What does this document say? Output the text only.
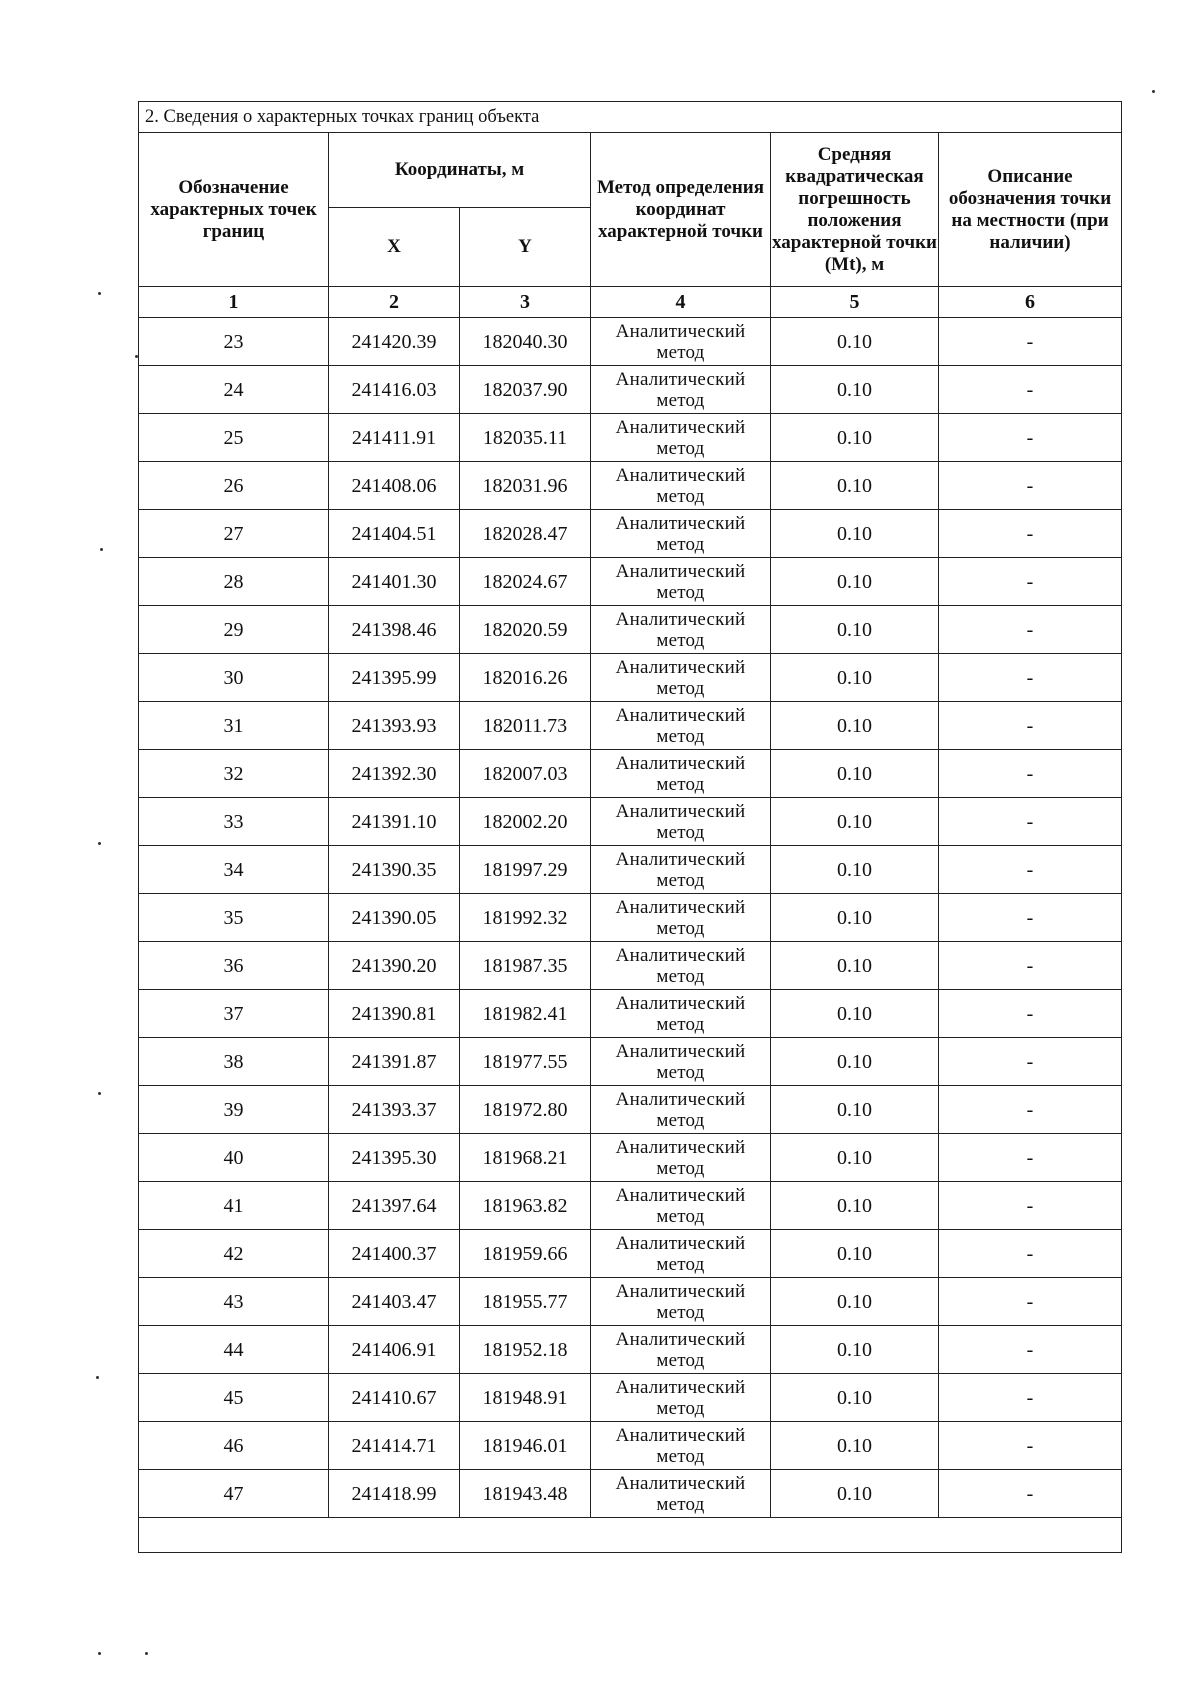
2. Сведения о характерных точках границ объекта					
Обозначение характерных точек границ	Координаты, м		Метод определения координат характерной точки	Средняя квадратическая погрешность положения характерной точки (Mt), м	Описание обозначения точки на местности (при наличии)
	X	Y			
1	2	3	4	5	6
23	241420.39	182040.30	Аналитический метод	0.10	-
24	241416.03	182037.90	Аналитический метод	0.10	-
25	241411.91	182035.11	Аналитический метод	0.10	-
26	241408.06	182031.96	Аналитический метод	0.10	-
27	241404.51	182028.47	Аналитический метод	0.10	-
28	241401.30	182024.67	Аналитический метод	0.10	-
29	241398.46	182020.59	Аналитический метод	0.10	-
30	241395.99	182016.26	Аналитический метод	0.10	-
31	241393.93	182011.73	Аналитический метод	0.10	-
32	241392.30	182007.03	Аналитический метод	0.10	-
33	241391.10	182002.20	Аналитический метод	0.10	-
34	241390.35	181997.29	Аналитический метод	0.10	-
35	241390.05	181992.32	Аналитический метод	0.10	-
36	241390.20	181987.35	Аналитический метод	0.10	-
37	241390.81	181982.41	Аналитический метод	0.10	-
38	241391.87	181977.55	Аналитический метод	0.10	-
39	241393.37	181972.80	Аналитический метод	0.10	-
40	241395.30	181968.21	Аналитический метод	0.10	-
41	241397.64	181963.82	Аналитический метод	0.10	-
42	241400.37	181959.66	Аналитический метод	0.10	-
43	241403.47	181955.77	Аналитический метод	0.10	-
44	241406.91	181952.18	Аналитический метод	0.10	-
45	241410.67	181948.91	Аналитический метод	0.10	-
46	241414.71	181946.01	Аналитический метод	0.10	-
47	241418.99	181943.48	Аналитический метод	0.10	-
